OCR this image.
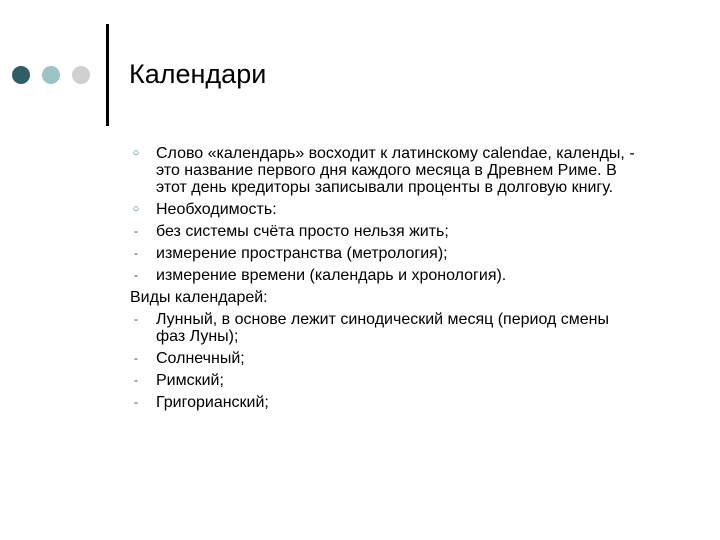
Календари
○ Слово «календарь» восходит к латинскому calendae, календы, - это название первого дня каждого месяца в Древнем Риме. В этот день кредиторы записывали проценты в долговую книгу.
○ Необходимость:
- без системы счёта просто нельзя жить;
- измерение пространства (метрология);
- измерение времени (календарь и хронология).
Виды календарей:
- Лунный, в основе лежит синодический месяц (период смены фаз Луны);
- Солнечный;
- Римский;
- Григорианский;
